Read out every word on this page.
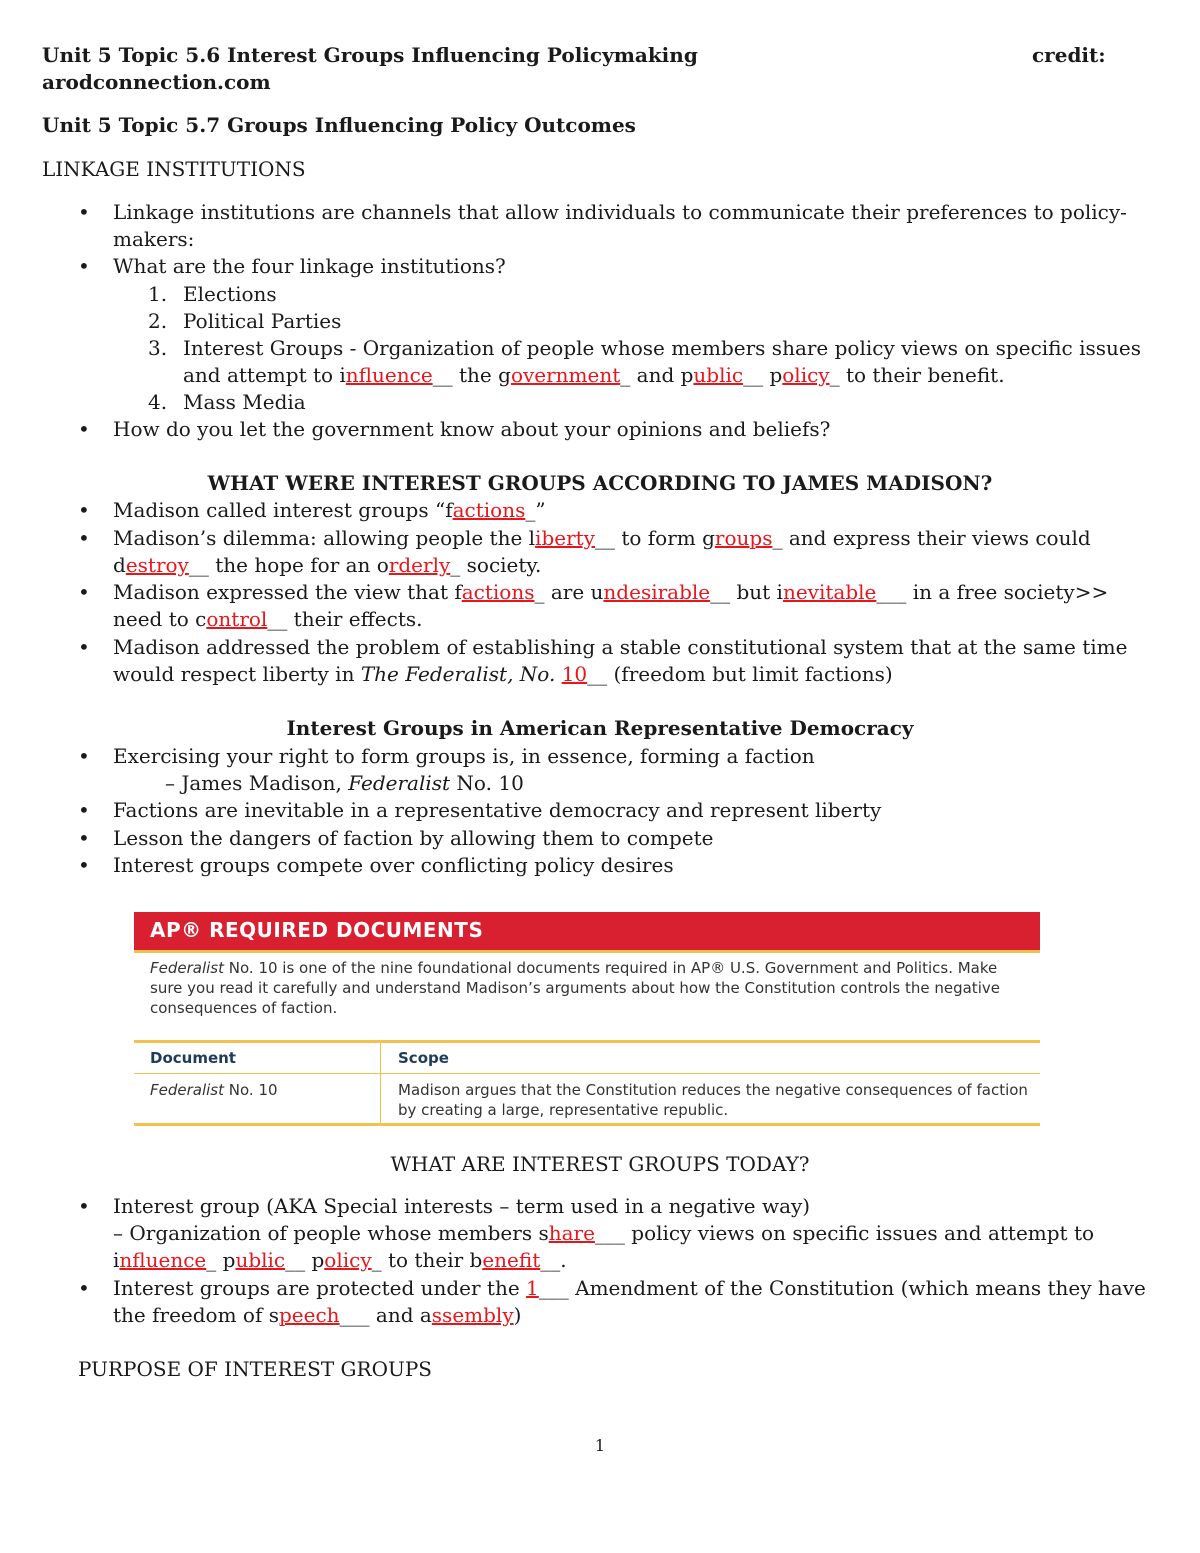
Unit 5 Topic 5.6 Interest Groups Influencing Policymaking	credit:

arodconnection.com
Unit 5 Topic 5.7 Groups Influencing Policy Outcomes
LINKAGE INSTITUTIONS
• Linkage institutions are channels that allow individuals to communicate their preferences to policy-makers:
• What are the four linkage institutions?
1. Elections
2. Political Parties
3. Interest Groups - Organization of people whose members share policy views on specific issues and attempt to influence__ the government_ and public__ policy_ to their benefit.
4. Mass Media
• How do you let the government know about your opinions and beliefs?
WHAT WERE INTEREST GROUPS ACCORDING TO JAMES MADISON?
• Madison called interest groups “factions_”
• Madison’s dilemma: allowing people the liberty__ to form groups_ and express their views could destroy__ the hope for an orderly_ society.
• Madison expressed the view that factions_ are undesirable__ but inevitable___ in a free society>> need to control__ their effects.
• Madison addressed the problem of establishing a stable constitutional system that at the same time would respect liberty in The Federalist, No. 10__ (freedom but limit factions)
Interest Groups in American Representative Democracy
• Exercising your right to form groups is, in essence, forming a faction
– James Madison, Federalist No. 10
• Factions are inevitable in a representative democracy and represent liberty
• Lesson the dangers of faction by allowing them to compete
• Interest groups compete over conflicting policy desires
AP® REQUIRED DOCUMENTS
Federalist No. 10 is one of the nine foundational documents required in AP® U.S. Government and Politics. Make sure you read it carefully and understand Madison’s arguments about how the Constitution controls the negative consequences of faction.
Document	Scope
Federalist No. 10	Madison argues that the Constitution reduces the negative consequences of faction by creating a large, representative republic.
WHAT ARE INTEREST GROUPS TODAY?
• Interest group (AKA Special interests – term used in a negative way)
– Organization of people whose members share___ policy views on specific issues and attempt to influence_ public__ policy_ to their benefit__.
• Interest groups are protected under the 1___ Amendment of the Constitution (which means they have the freedom of speech___ and assembly)
PURPOSE OF INTEREST GROUPS
1
